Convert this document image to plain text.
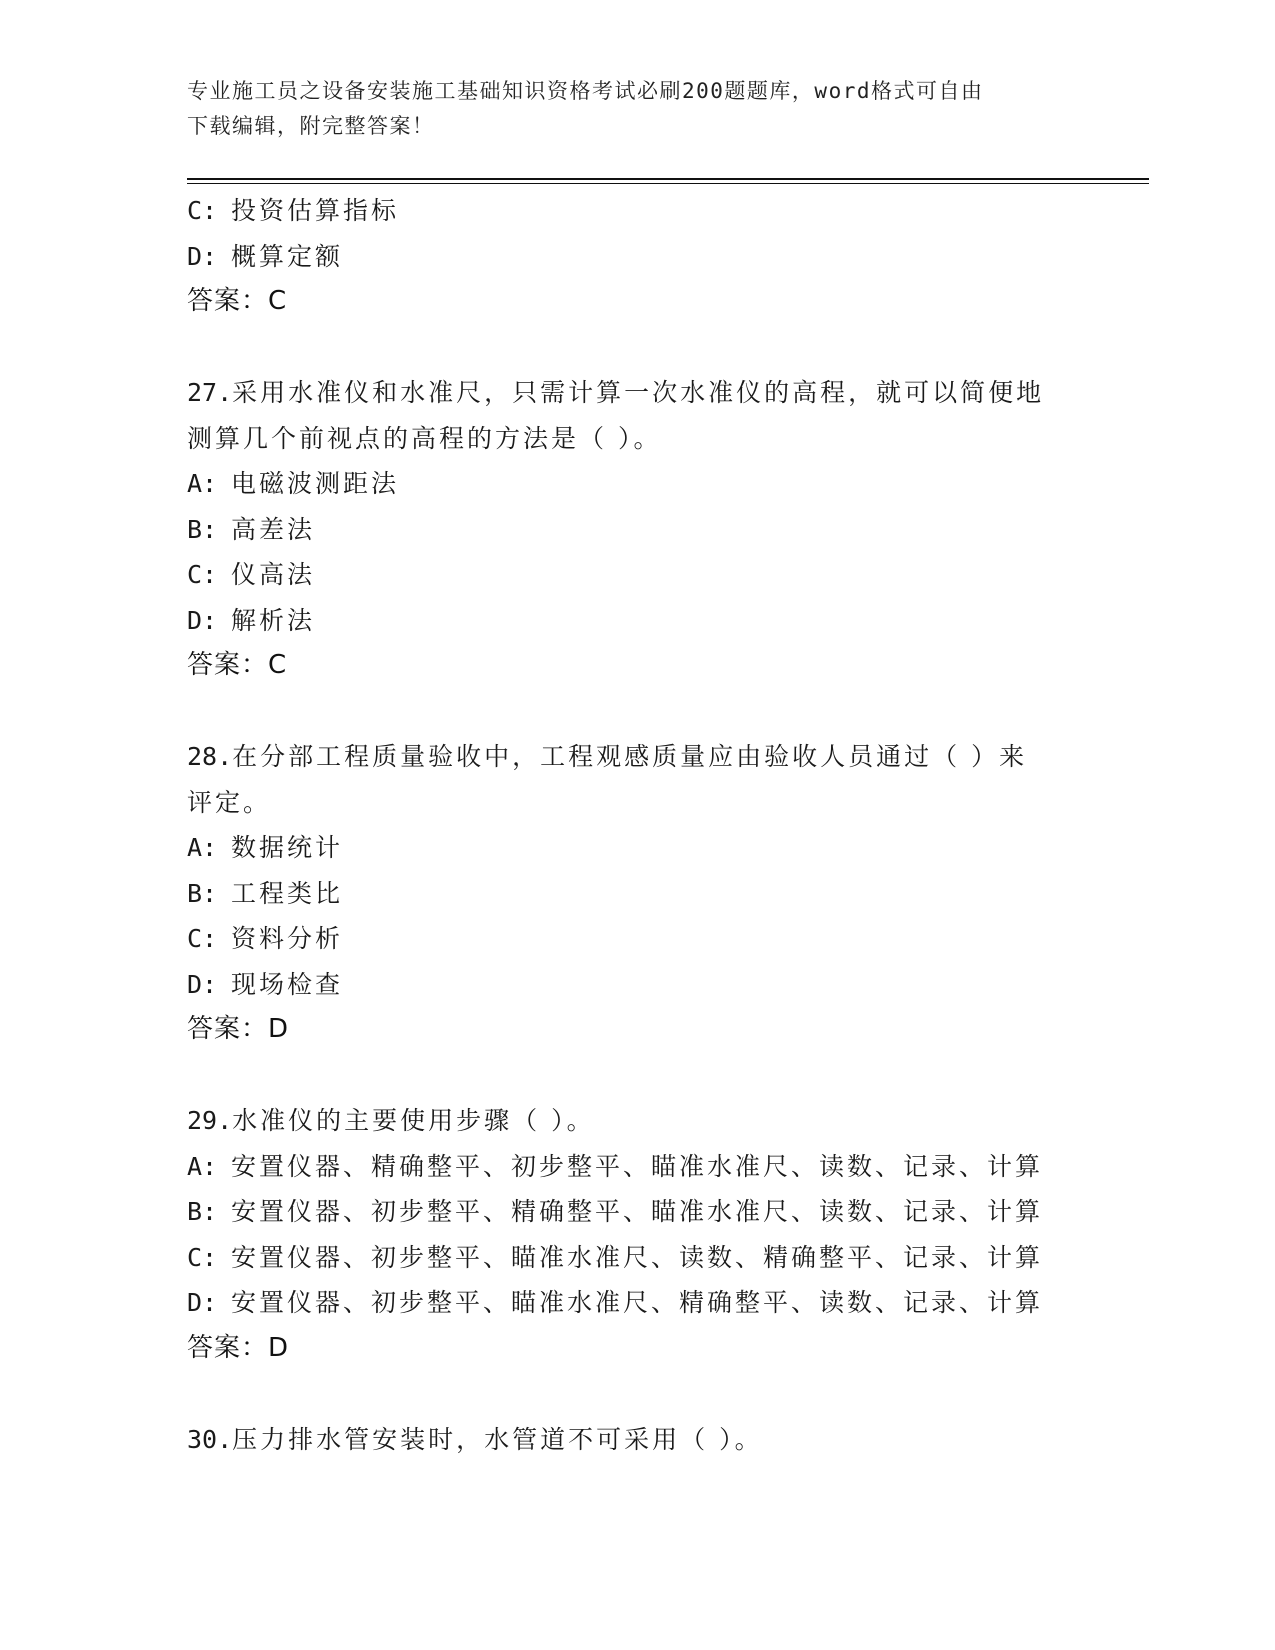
专业施工员之设备安装施工基础知识资格考试必刷200题题库，word格式可自由
下载编辑，附完整答案！
C: 投资估算指标
D: 概算定额
答案：C
27.采用水准仪和水准尺，只需计算一次水准仪的高程，就可以简便地
测算几个前视点的高程的方法是（ ）。
A: 电磁波测距法
B: 高差法
C: 仪高法
D: 解析法
答案：C
28.在分部工程质量验收中，工程观感质量应由验收人员通过（ ）来
评定。
A: 数据统计
B: 工程类比
C: 资料分析
D: 现场检查
答案：D
29.水准仪的主要使用步骤（ ）。
A: 安置仪器、精确整平、初步整平、瞄准水准尺、读数、记录、计算
B: 安置仪器、初步整平、精确整平、瞄准水准尺、读数、记录、计算
C: 安置仪器、初步整平、瞄准水准尺、读数、精确整平、记录、计算
D: 安置仪器、初步整平、瞄准水准尺、精确整平、读数、记录、计算
答案：D
30.压力排水管安装时，水管道不可采用（ ）。
